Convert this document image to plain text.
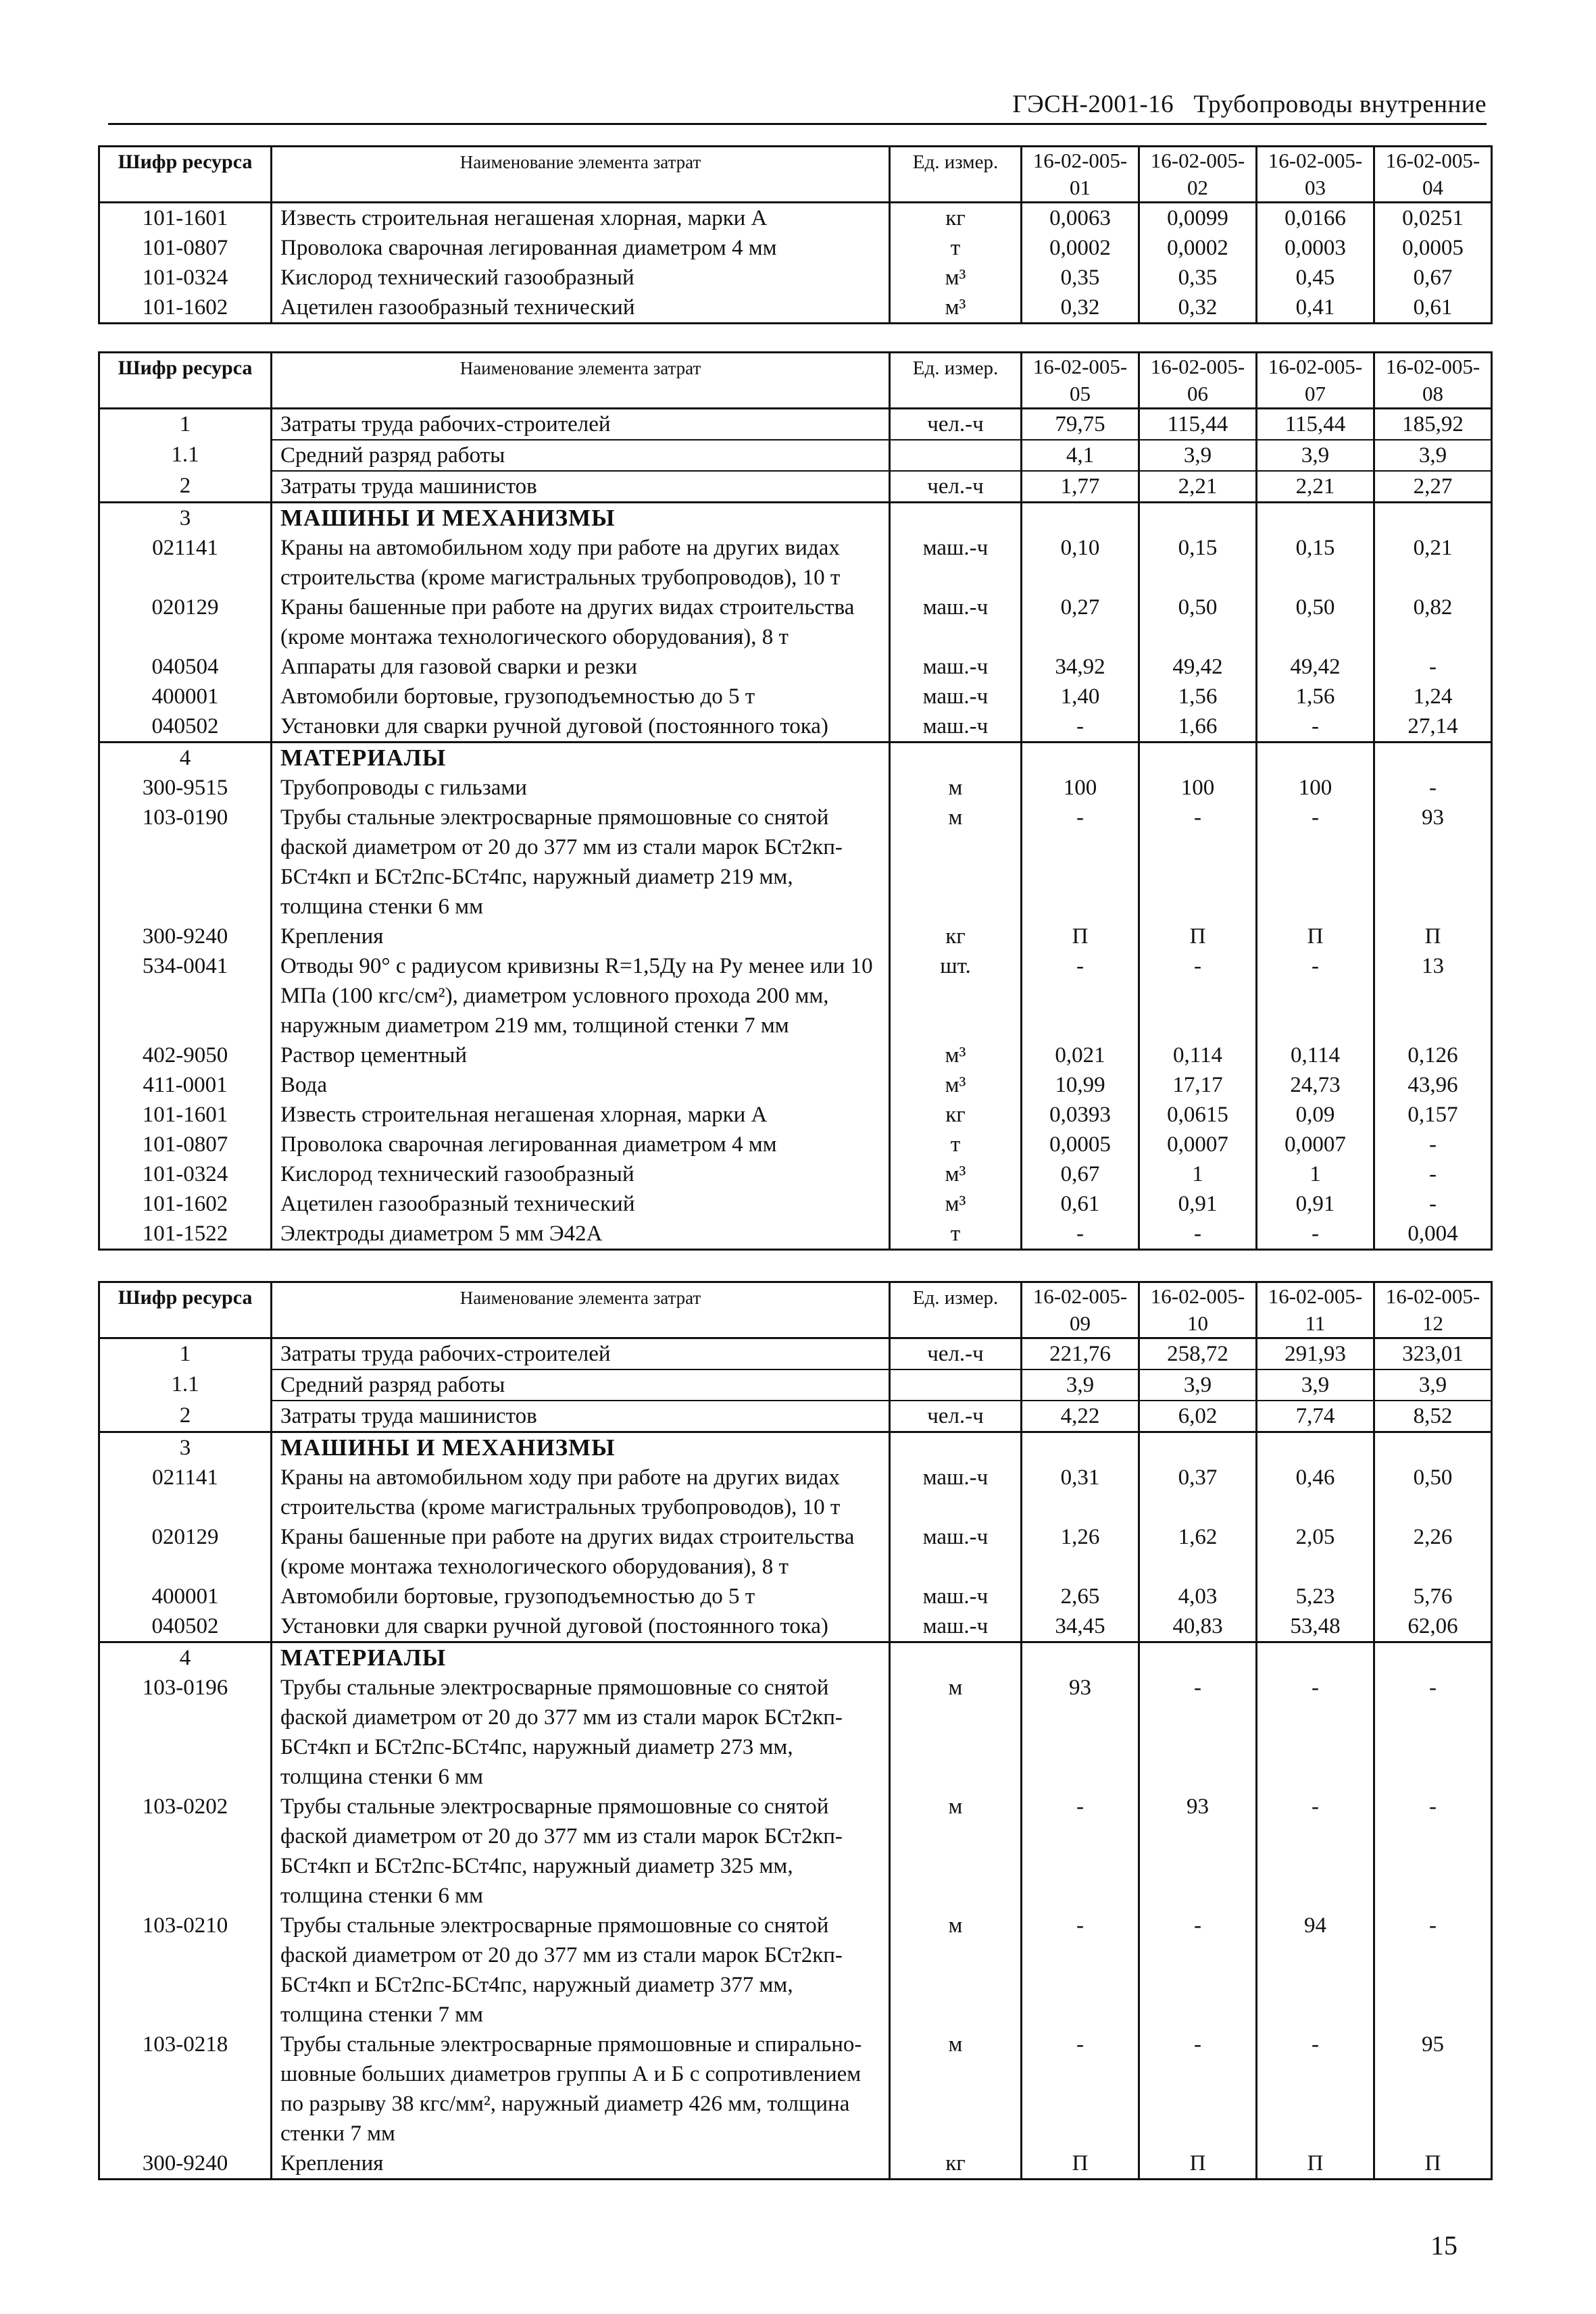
ГЭСН-2001-16   Трубопроводы внутренние
Шифр ресурса	Наименование элемента затрат	Ед. измер.	16-02-005-01	16-02-005-02	16-02-005-03	16-02-005-04
101-1601	Известь строительная негашеная хлорная, марки А	кг	0,0063	0,0099	0,0166	0,0251
101-0807	Проволока сварочная легированная диаметром 4 мм	т	0,0002	0,0002	0,0003	0,0005
101-0324	Кислород технический газообразный	м³	0,35	0,35	0,45	0,67
101-1602	Ацетилен газообразный технический	м³	0,32	0,32	0,41	0,61
Шифр ресурса	Наименование элемента затрат	Ед. измер.	16-02-005-05	16-02-005-06	16-02-005-07	16-02-005-08
1	Затраты труда рабочих-строителей	чел.-ч	79,75	115,44	115,44	185,92
1.1	Средний разряд работы		4,1	3,9	3,9	3,9
2	Затраты труда машинистов	чел.-ч	1,77	2,21	2,21	2,27
3	МАШИНЫ И МЕХАНИЗМЫ					
021141	Краны на автомобильном ходу при работе на других видах строительства (кроме магистральных трубопроводов), 10 т	маш.-ч	0,10	0,15	0,15	0,21
020129	Краны башенные при работе на других видах строительства (кроме монтажа технологического оборудования), 8 т	маш.-ч	0,27	0,50	0,50	0,82
040504	Аппараты для газовой сварки и резки	маш.-ч	34,92	49,42	49,42	-
400001	Автомобили бортовые, грузоподъемностью до 5 т	маш.-ч	1,40	1,56	1,56	1,24
040502	Установки для сварки ручной дуговой (постоянного тока)	маш.-ч	-	1,66	-	27,14
4	МАТЕРИАЛЫ					
300-9515	Трубопроводы с гильзами	м	100	100	100	-
103-0190	Трубы стальные электросварные прямошовные со снятой фаской диаметром от 20 до 377 мм из стали марок БСт2кп-БСт4кп и БСт2пс-БСт4пс, наружный диаметр 219 мм, толщина стенки 6 мм	м	-	-	-	93
300-9240	Крепления	кг	П	П	П	П
534-0041	Отводы 90° с радиусом кривизны R=1,5Ду на Ру менее или 10 МПа (100 кгс/см²), диаметром условного прохода 200 мм, наружным диаметром 219 мм, толщиной стенки 7 мм	шт.	-	-	-	13
402-9050	Раствор цементный	м³	0,021	0,114	0,114	0,126
411-0001	Вода	м³	10,99	17,17	24,73	43,96
101-1601	Известь строительная негашеная хлорная, марки А	кг	0,0393	0,0615	0,09	0,157
101-0807	Проволока сварочная легированная диаметром 4 мм	т	0,0005	0,0007	0,0007	-
101-0324	Кислород технический газообразный	м³	0,67	1	1	-
101-1602	Ацетилен газообразный технический	м³	0,61	0,91	0,91	-
101-1522	Электроды диаметром 5 мм Э42А	т	-	-	-	0,004
Шифр ресурса	Наименование элемента затрат	Ед. измер.	16-02-005-09	16-02-005-10	16-02-005-11	16-02-005-12
1	Затраты труда рабочих-строителей	чел.-ч	221,76	258,72	291,93	323,01
1.1	Средний разряд работы		3,9	3,9	3,9	3,9
2	Затраты труда машинистов	чел.-ч	4,22	6,02	7,74	8,52
3	МАШИНЫ И МЕХАНИЗМЫ					
021141	Краны на автомобильном ходу при работе на других видах строительства (кроме магистральных трубопроводов), 10 т	маш.-ч	0,31	0,37	0,46	0,50
020129	Краны башенные при работе на других видах строительства (кроме монтажа технологического оборудования), 8 т	маш.-ч	1,26	1,62	2,05	2,26
400001	Автомобили бортовые, грузоподъемностью до 5 т	маш.-ч	2,65	4,03	5,23	5,76
040502	Установки для сварки ручной дуговой (постоянного тока)	маш.-ч	34,45	40,83	53,48	62,06
4	МАТЕРИАЛЫ					
103-0196	Трубы стальные электросварные прямошовные со снятой фаской диаметром от 20 до 377 мм из стали марок БСт2кп-БСт4кп и БСт2пс-БСт4пс, наружный диаметр 273 мм, толщина стенки 6 мм	м	93	-	-	-
103-0202	Трубы стальные электросварные прямошовные со снятой фаской диаметром от 20 до 377 мм из стали марок БСт2кп-БСт4кп и БСт2пс-БСт4пс, наружный диаметр 325 мм, толщина стенки 6 мм	м	-	93	-	-
103-0210	Трубы стальные электросварные прямошовные со снятой фаской диаметром от 20 до 377 мм из стали марок БСт2кп-БСт4кп и БСт2пс-БСт4пс, наружный диаметр 377 мм, толщина стенки 7 мм	м	-	-	94	-
103-0218	Трубы стальные электросварные прямошовные и спирально-шовные больших диаметров группы А и Б с сопротивлением по разрыву 38 кгс/мм², наружный диаметр 426 мм, толщина стенки 7 мм	м	-	-	-	95
300-9240	Крепления	кг	П	П	П	П
15
